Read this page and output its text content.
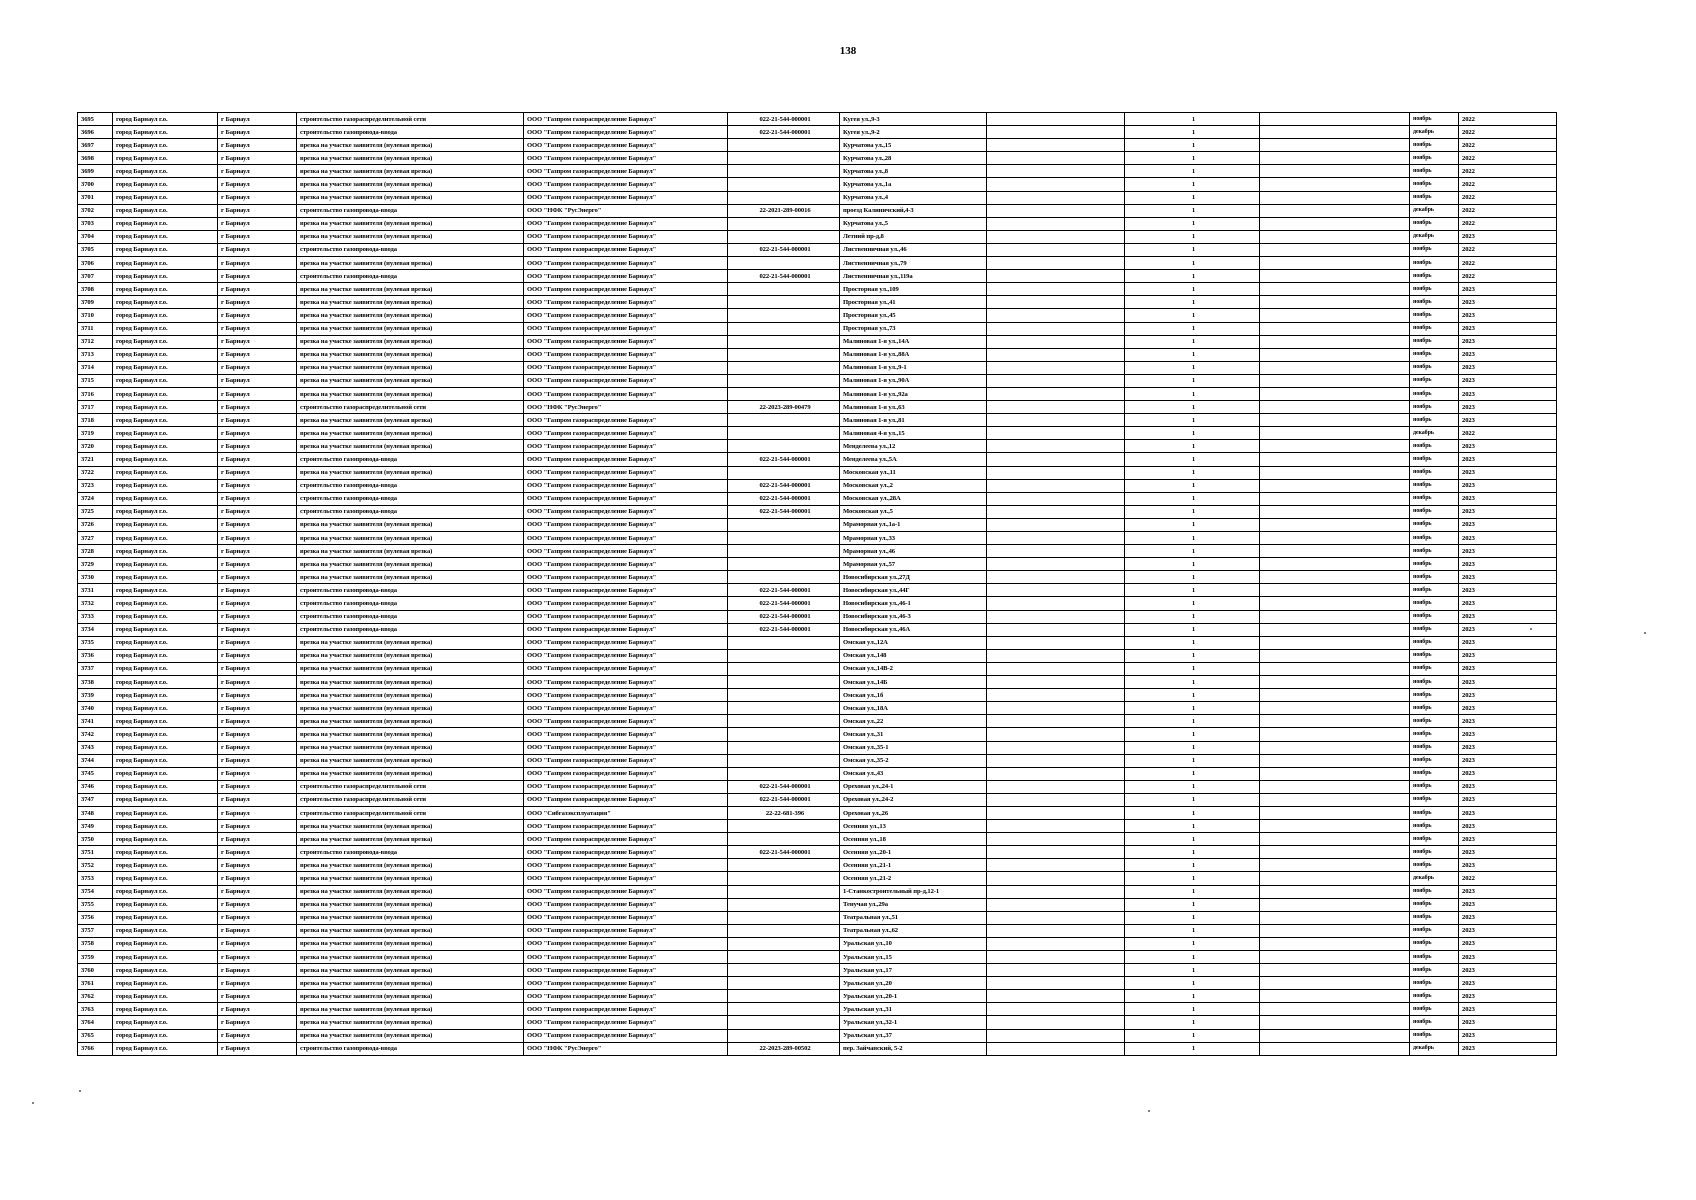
138
3695	город Барнаул г.о.	г Барнаул	строительство газораспределительной сети	ООО "Газпром газораспределение Барнаул"	022-21-544-000001	Кугея ул.,9-3		1		ноябрь	2022
3696	город Барнаул г.о.	г Барнаул	строительство газопровода-ввода	ООО "Газпром газораспределение Барнаул"	022-21-544-000001	Кугея ул.,9-2		1		декабрь	2022
3697	город Барнаул г.о.	г Барнаул	врезка на участке заявителя (нулевая врезка)	ООО "Газпром газораспределение Барнаул"		Курчатова ул.,15		1		ноябрь	2022
3698	город Барнаул г.о.	г Барнаул	врезка на участке заявителя (нулевая врезка)	ООО "Газпром газораспределение Барнаул"		Курчатова ул.,28		1		ноябрь	2022
3699	город Барнаул г.о.	г Барнаул	врезка на участке заявителя (нулевая врезка)	ООО "Газпром газораспределение Барнаул"		Курчатова ул.,8		1		ноябрь	2022
3700	город Барнаул г.о.	г Барнаул	врезка на участке заявителя (нулевая врезка)	ООО "Газпром газораспределение Барнаул"		Курчатова ул.,1а		1		ноябрь	2022
3701	город Барнаул г.о.	г Барнаул	врезка на участке заявителя (нулевая врезка)	ООО "Газпром газораспределение Барнаул"		Курчатова ул.,4		1		ноябрь	2022
3702	город Барнаул г.о.	г Барнаул	строительство газопровода-ввода	ООО "НФК "РусЭнерго"	22-2021-289-00016	проезд Калиничский,4-3		1		декабрь	2022
3703	город Барнаул г.о.	г Барнаул	врезка на участке заявителя (нулевая врезка)	ООО "Газпром газораспределение Барнаул"		Курчатова ул.,5		1		ноябрь	2022
3704	город Барнаул г.о.	г Барнаул	врезка на участке заявителя (нулевая врезка)	ООО "Газпром газораспределение Барнаул"		Летний пр-д,8		1		декабрь	2023
3705	город Барнаул г.о.	г Барнаул	строительство газопровода-ввода	ООО "Газпром газораспределение Барнаул"	022-21-544-000001	Лиственничная ул.,46		1		ноябрь	2022
3706	город Барнаул г.о.	г Барнаул	врезка на участке заявителя (нулевая врезка)	ООО "Газпром газораспределение Барнаул"		Лиственничная ул.,79		1		ноябрь	2022
3707	город Барнаул г.о.	г Барнаул	строительство газопровода-ввода	ООО "Газпром газораспределение Барнаул"	022-21-544-000001	Лиственничная ул.,119а		1		ноябрь	2022
3708	город Барнаул г.о.	г Барнаул	врезка на участке заявителя (нулевая врезка)	ООО "Газпром газораспределение Барнаул"		Просторная ул.,109		1		ноябрь	2023
3709	город Барнаул г.о.	г Барнаул	врезка на участке заявителя (нулевая врезка)	ООО "Газпром газораспределение Барнаул"		Просторная ул.,41		1		ноябрь	2023
3710	город Барнаул г.о.	г Барнаул	врезка на участке заявителя (нулевая врезка)	ООО "Газпром газораспределение Барнаул"		Просторная ул.,45		1		ноябрь	2023
3711	город Барнаул г.о.	г Барнаул	врезка на участке заявителя (нулевая врезка)	ООО "Газпром газораспределение Барнаул"		Просторная ул.,73		1		ноябрь	2023
3712	город Барнаул г.о.	г Барнаул	врезка на участке заявителя (нулевая врезка)	ООО "Газпром газораспределение Барнаул"		Малиновая 1-я ул.,14А		1		ноябрь	2023
3713	город Барнаул г.о.	г Барнаул	врезка на участке заявителя (нулевая врезка)	ООО "Газпром газораспределение Барнаул"		Малиновая 1-я ул.,88А		1		ноябрь	2023
3714	город Барнаул г.о.	г Барнаул	врезка на участке заявителя (нулевая врезка)	ООО "Газпром газораспределение Барнаул"		Малиновая 1-я ул.,9-1		1		ноябрь	2023
3715	город Барнаул г.о.	г Барнаул	врезка на участке заявителя (нулевая врезка)	ООО "Газпром газораспределение Барнаул"		Малиновая 1-я ул.,90А		1		ноябрь	2023
3716	город Барнаул г.о.	г Барнаул	врезка на участке заявителя (нулевая врезка)	ООО "Газпром газораспределение Барнаул"		Малиновая 1-я ул.,92а		1		ноябрь	2023
3717	город Барнаул г.о.	г Барнаул	строительство газораспределительной сети	ООО "НФК "РусЭнерго"	22-2023-289-00479	Малиновая 1-я ул.,63		1		ноябрь	2023
3718	город Барнаул г.о.	г Барнаул	врезка на участке заявителя (нулевая врезка)	ООО "Газпром газораспределение Барнаул"		Малиновая 1-я ул.,81		1		ноябрь	2023
3719	город Барнаул г.о.	г Барнаул	врезка на участке заявителя (нулевая врезка)	ООО "Газпром газораспределение Барнаул"		Малиновая 4-я ул.,15		1		декабрь	2022
3720	город Барнаул г.о.	г Барнаул	врезка на участке заявителя (нулевая врезка)	ООО "Газпром газораспределение Барнаул"		Менделеева ул.,12		1		ноябрь	2023
3721	город Барнаул г.о.	г Барнаул	строительство газопровода-ввода	ООО "Газпром газораспределение Барнаул"	022-21-544-000001	Менделеева ул.,5А		1		ноябрь	2023
3722	город Барнаул г.о.	г Барнаул	врезка на участке заявителя (нулевая врезка)	ООО "Газпром газораспределение Барнаул"		Московская ул.,11		1		ноябрь	2023
3723	город Барнаул г.о.	г Барнаул	строительство газопровода-ввода	ООО "Газпром газораспределение Барнаул"	022-21-544-000001	Московская ул.,2		1		ноябрь	2023
3724	город Барнаул г.о.	г Барнаул	строительство газопровода-ввода	ООО "Газпром газораспределение Барнаул"	022-21-544-000001	Московская ул.,28А		1		ноябрь	2023
3725	город Барнаул г.о.	г Барнаул	строительство газопровода-ввода	ООО "Газпром газораспределение Барнаул"	022-21-544-000001	Московская ул.,5		1		ноябрь	2023
3726	город Барнаул г.о.	г Барнаул	врезка на участке заявителя (нулевая врезка)	ООО "Газпром газораспределение Барнаул"		Мраморная ул.,1а-1		1		ноябрь	2023
3727	город Барнаул г.о.	г Барнаул	врезка на участке заявителя (нулевая врезка)	ООО "Газпром газораспределение Барнаул"		Мраморная ул.,33		1		ноябрь	2023
3728	город Барнаул г.о.	г Барнаул	врезка на участке заявителя (нулевая врезка)	ООО "Газпром газораспределение Барнаул"		Мраморная ул.,46		1		ноябрь	2023
3729	город Барнаул г.о.	г Барнаул	врезка на участке заявителя (нулевая врезка)	ООО "Газпром газораспределение Барнаул"		Мраморная ул.,57		1		ноябрь	2023
3730	город Барнаул г.о.	г Барнаул	врезка на участке заявителя (нулевая врезка)	ООО "Газпром газораспределение Барнаул"		Новосибирская ул.,27Д		1		ноябрь	2023
3731	город Барнаул г.о.	г Барнаул	строительство газопровода-ввода	ООО "Газпром газораспределение Барнаул"	022-21-544-000001	Новосибирская ул.,44Г		1		ноябрь	2023
3732	город Барнаул г.о.	г Барнаул	строительство газопровода-ввода	ООО "Газпром газораспределение Барнаул"	022-21-544-000001	Новосибирская ул.,46-1		1		ноябрь	2023
3733	город Барнаул г.о.	г Барнаул	строительство газопровода-ввода	ООО "Газпром газораспределение Барнаул"	022-21-544-000001	Новосибирская ул.,46-3		1		ноябрь	2023
3734	город Барнаул г.о.	г Барнаул	строительство газопровода-ввода	ООО "Газпром газораспределение Барнаул"	022-21-544-000001	Новосибирская ул.,46А		1		ноябрь	2023
3735	город Барнаул г.о.	г Барнаул	врезка на участке заявителя (нулевая врезка)	ООО "Газпром газораспределение Барнаул"		Омская ул.,12А		1		ноябрь	2023
3736	город Барнаул г.о.	г Барнаул	врезка на участке заявителя (нулевая врезка)	ООО "Газпром газораспределение Барнаул"		Омская ул.,148		1		ноябрь	2023
3737	город Барнаул г.о.	г Барнаул	врезка на участке заявителя (нулевая врезка)	ООО "Газпром газораспределение Барнаул"		Омская ул.,14В-2		1		ноябрь	2023
3738	город Барнаул г.о.	г Барнаул	врезка на участке заявителя (нулевая врезка)	ООО "Газпром газораспределение Барнаул"		Омская ул.,14Б		1		ноябрь	2023
3739	город Барнаул г.о.	г Барнаул	врезка на участке заявителя (нулевая врезка)	ООО "Газпром газораспределение Барнаул"		Омская ул.,1б		1		ноябрь	2023
3740	город Барнаул г.о.	г Барнаул	врезка на участке заявителя (нулевая врезка)	ООО "Газпром газораспределение Барнаул"		Омская ул.,18А		1		ноябрь	2023
3741	город Барнаул г.о.	г Барнаул	врезка на участке заявителя (нулевая врезка)	ООО "Газпром газораспределение Барнаул"		Омская ул.,22		1		ноябрь	2023
3742	город Барнаул г.о.	г Барнаул	врезка на участке заявителя (нулевая врезка)	ООО "Газпром газораспределение Барнаул"		Омская ул.,31		1		ноябрь	2023
3743	город Барнаул г.о.	г Барнаул	врезка на участке заявителя (нулевая врезка)	ООО "Газпром газораспределение Барнаул"		Омская ул.,35-1		1		ноябрь	2023
3744	город Барнаул г.о.	г Барнаул	врезка на участке заявителя (нулевая врезка)	ООО "Газпром газораспределение Барнаул"		Омская ул.,35-2		1		ноябрь	2023
3745	город Барнаул г.о.	г Барнаул	врезка на участке заявителя (нулевая врезка)	ООО "Газпром газораспределение Барнаул"		Омская ул.,43		1		ноябрь	2023
3746	город Барнаул г.о.	г Барнаул	строительство газораспределительной сети	ООО "Газпром газораспределение Барнаул"	022-21-544-000001	Ореховая ул.,24-1		1		ноябрь	2023
3747	город Барнаул г.о.	г Барнаул	строительство газораспределительной сети	ООО "Газпром газораспределение Барнаул"	022-21-544-000001	Ореховая ул.,24-2		1		ноябрь	2023
3748	город Барнаул г.о.	г Барнаул	строительство газораспределительной сети	ООО "Сибгазэксплуатация"	22-22-681-396	Ореховая ул.,26		1		ноябрь	2023
3749	город Барнаул г.о.	г Барнаул	врезка на участке заявителя (нулевая врезка)	ООО "Газпром газораспределение Барнаул"		Осенняя ул.,13		1		ноябрь	2023
3750	город Барнаул г.о.	г Барнаул	врезка на участке заявителя (нулевая врезка)	ООО "Газпром газораспределение Барнаул"		Осенняя ул.,18		1		ноябрь	2023
3751	город Барнаул г.о.	г Барнаул	строительство газопровода-ввода	ООО "Газпром газораспределение Барнаул"	022-21-544-000001	Осенняя ул.,20-1		1		ноябрь	2023
3752	город Барнаул г.о.	г Барнаул	врезка на участке заявителя (нулевая врезка)	ООО "Газпром газораспределение Барнаул"		Осенняя ул.,21-1		1		ноябрь	2023
3753	город Барнаул г.о.	г Барнаул	врезка на участке заявителя (нулевая врезка)	ООО "Газпром газораспределение Барнаул"		Осенняя ул.,21-2		1		декабрь	2022
3754	город Барнаул г.о.	г Барнаул	врезка на участке заявителя (нулевая врезка)	ООО "Газпром газораспределение Барнаул"		1-Станкостроительный пр-д,12-1		1		ноябрь	2023
3755	город Барнаул г.о.	г Барнаул	врезка на участке заявителя (нулевая врезка)	ООО "Газпром газораспределение Барнаул"		Тенучая ул.,29а		1		ноябрь	2023
3756	город Барнаул г.о.	г Барнаул	врезка на участке заявителя (нулевая врезка)	ООО "Газпром газораспределение Барнаул"		Театральная ул.,51		1		ноябрь	2023
3757	город Барнаул г.о.	г Барнаул	врезка на участке заявителя (нулевая врезка)	ООО "Газпром газораспределение Барнаул"		Театральная ул.,62		1		ноябрь	2023
3758	город Барнаул г.о.	г Барнаул	врезка на участке заявителя (нулевая врезка)	ООО "Газпром газораспределение Барнаул"		Уральская ул.,10		1		ноябрь	2023
3759	город Барнаул г.о.	г Барнаул	врезка на участке заявителя (нулевая врезка)	ООО "Газпром газораспределение Барнаул"		Уральская ул.,15		1		ноябрь	2023
3760	город Барнаул г.о.	г Барнаул	врезка на участке заявителя (нулевая врезка)	ООО "Газпром газораспределение Барнаул"		Уральская ул.,17		1		ноябрь	2023
3761	город Барнаул г.о.	г Барнаул	врезка на участке заявителя (нулевая врезка)	ООО "Газпром газораспределение Барнаул"		Уральская ул.,20		1		ноябрь	2023
3762	город Барнаул г.о.	г Барнаул	врезка на участке заявителя (нулевая врезка)	ООО "Газпром газораспределение Барнаул"		Уральская ул.,20-1		1		ноябрь	2023
3763	город Барнаул г.о.	г Барнаул	врезка на участке заявителя (нулевая врезка)	ООО "Газпром газораспределение Барнаул"		Уральская ул.,31		1		ноябрь	2023
3764	город Барнаул г.о.	г Барнаул	врезка на участке заявителя (нулевая врезка)	ООО "Газпром газораспределение Барнаул"		Уральская ул.,32-1		1		ноябрь	2023
3765	город Барнаул г.о.	г Барнаул	врезка на участке заявителя (нулевая врезка)	ООО "Газпром газораспределение Барнаул"		Уральская ул.,37		1		ноябрь	2023
3766	город Барнаул г.о.	г Барнаул	строительство газопровода-ввода	ООО "НФК "РусЭнерго"	22-2023-289-00502	пер. Зайчанский, 5-2		1		декабрь	2023
